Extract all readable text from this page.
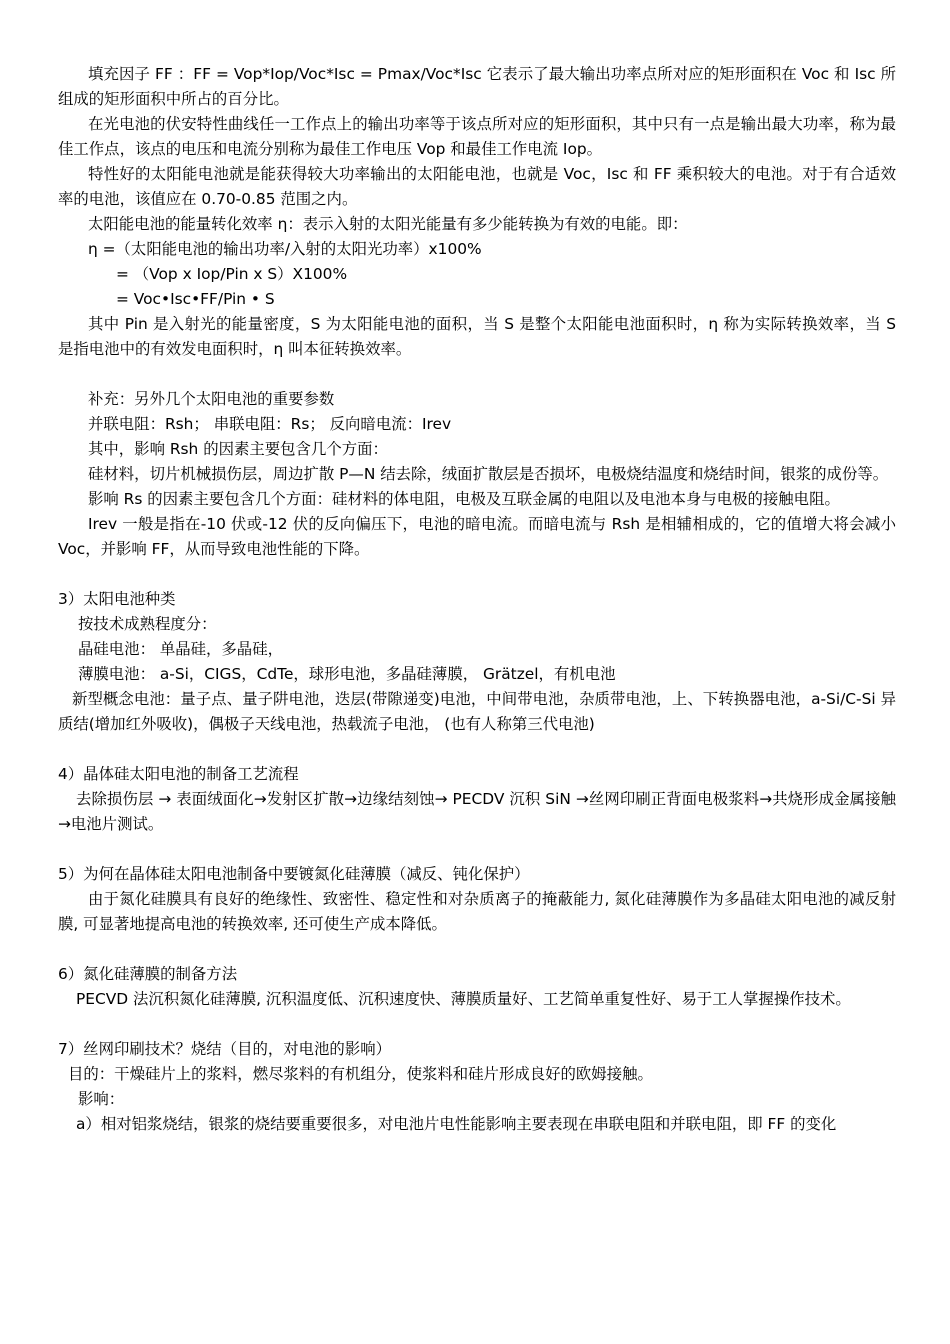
填充因子 FF ：FF = Vop*Iop/Voc*Isc = Pmax/Voc*Isc 它表示了最大输出功率点所对应的矩形面积在 Voc 和 Isc 所组成的矩形面积中所占的百分比。

在光电池的伏安特性曲线任一工作点上的输出功率等于该点所对应的矩形面积，其中只有一点是输出最大功率，称为最佳工作点，该点的电压和电流分别称为最佳工作电压 Vop 和最佳工作电流 Iop。

特性好的太阳能电池就是能获得较大功率输出的太阳能电池，也就是 Voc，Isc 和 FF 乘积较大的电池。对于有合适效率的电池，该值应在 0.70-0.85 范围之内。

太阳能电池的能量转化效率 η：表示入射的太阳光能量有多少能转换为有效的电能。即：

η =（太阳能电池的输出功率/入射的太阳光功率）x100%

= （Vop x Iop/Pin x S）X100%

= Voc•Isc•FF/Pin • S

其中 Pin 是入射光的能量密度，S 为太阳能电池的面积，当 S 是整个太阳能电池面积时，η 称为实际转换效率，当 S 是指电池中的有效发电面积时，η 叫本征转换效率。

补充：另外几个太阳电池的重要参数

并联电阻：Rsh； 串联电阻：Rs； 反向暗电流：Irev

其中，影响 Rsh 的因素主要包含几个方面：

硅材料，切片机械损伤层，周边扩散 P—N 结去除，绒面扩散层是否损坏，电极烧结温度和烧结时间，银浆的成份等。

影响 Rs 的因素主要包含几个方面：硅材料的体电阻，电极及互联金属的电阻以及电池本身与电极的接触电阻。

Irev 一般是指在-10 伏或-12 伏的反向偏压下，电池的暗电流。而暗电流与 Rsh 是相辅相成的，它的值增大将会减小 Voc，并影响 FF，从而导致电池性能的下降。

3）太阳电池种类

按技术成熟程度分：

晶硅电池： 单晶硅，多晶硅，

薄膜电池： a-Si，CIGS，CdTe，球形电池，多晶硅薄膜， Grätzel，有机电池

新型概念电池：量子点、量子阱电池，迭层(带隙递变)电池，中间带电池，杂质带电池，上、下转换器电池，a-Si/C-Si 异质结(增加红外吸收)，偶极子天线电池，热载流子电池， (也有人称第三代电池)

4）晶体硅太阳电池的制备工艺流程

去除损伤层 → 表面绒面化→发射区扩散→边缘结刻蚀→ PECDV 沉积 SiN →丝网印刷正背面电极浆料→共烧形成金属接触→电池片测试。

5）为何在晶体硅太阳电池制备中要镀氮化硅薄膜（减反、钝化保护）

由于氮化硅膜具有良好的绝缘性、致密性、稳定性和对杂质离子的掩蔽能力, 氮化硅薄膜作为多晶硅太阳电池的减反射膜, 可显著地提高电池的转换效率, 还可使生产成本降低。

6）氮化硅薄膜的制备方法

PECVD 法沉积氮化硅薄膜, 沉积温度低、沉积速度快、薄膜质量好、工艺简单重复性好、易于工人掌握操作技术。

7）丝网印刷技术？烧结（目的，对电池的影响）

目的：干燥硅片上的浆料，燃尽浆料的有机组分，使浆料和硅片形成良好的欧姆接触。

影响：

a）相对铝浆烧结，银浆的烧结要重要很多，对电池片电性能影响主要表现在串联电阻和并联电阻，即 FF 的变化
